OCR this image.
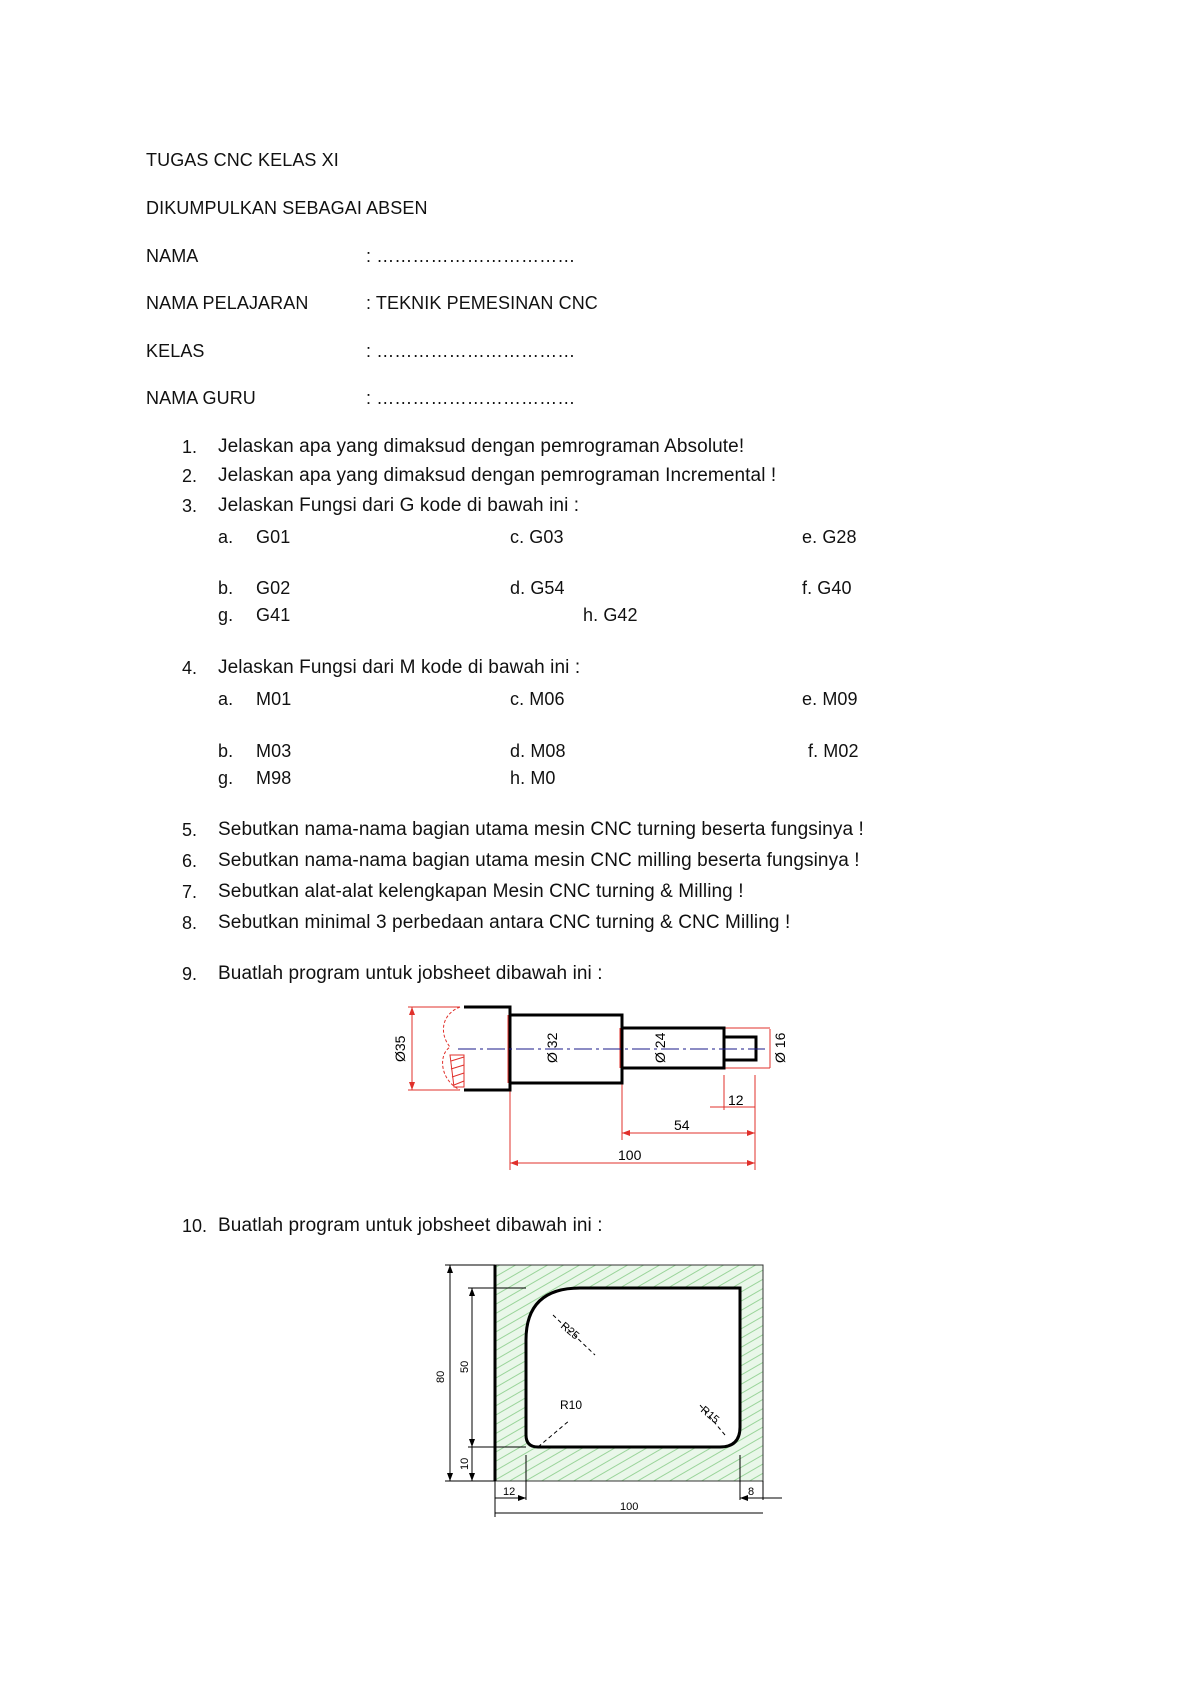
TUGAS CNC KELAS XI
DIKUMPULKAN SEBAGAI ABSEN
NAMA	: ……………………………
NAMA PELAJARAN	: TEKNIK PEMESINAN CNC
KELAS	: ……………………………
NAMA GURU	: ……………………………
1. Jelaskan apa yang dimaksud dengan pemrograman Absolute!
2. Jelaskan apa yang dimaksud dengan pemrograman Incremental !
3. Jelaskan Fungsi dari G kode di bawah ini :
a. G01	c. G03	e. G28
b. G02	d. G54	f. G40
g. G41	h. G42
4. Jelaskan Fungsi dari M kode di bawah ini :
a. M01	c. M06	e. M09
b. M03	d. M08	f. M02
g. M98	h. M0
5. Sebutkan nama-nama bagian utama mesin CNC turning beserta fungsinya !
6. Sebutkan nama-nama bagian utama mesin CNC milling beserta fungsinya !
7. Sebutkan alat-alat kelengkapan Mesin CNC turning & Milling !
8. Sebutkan minimal 3 perbedaan antara CNC turning & CNC Milling !
9. Buatlah program untuk jobsheet dibawah ini :
Ø35	Ø 32	Ø 24	Ø 16
12
54
100
10. Buatlah program untuk jobsheet dibawah ini :
80
50
10
R25
R10	R15
12	8
100
